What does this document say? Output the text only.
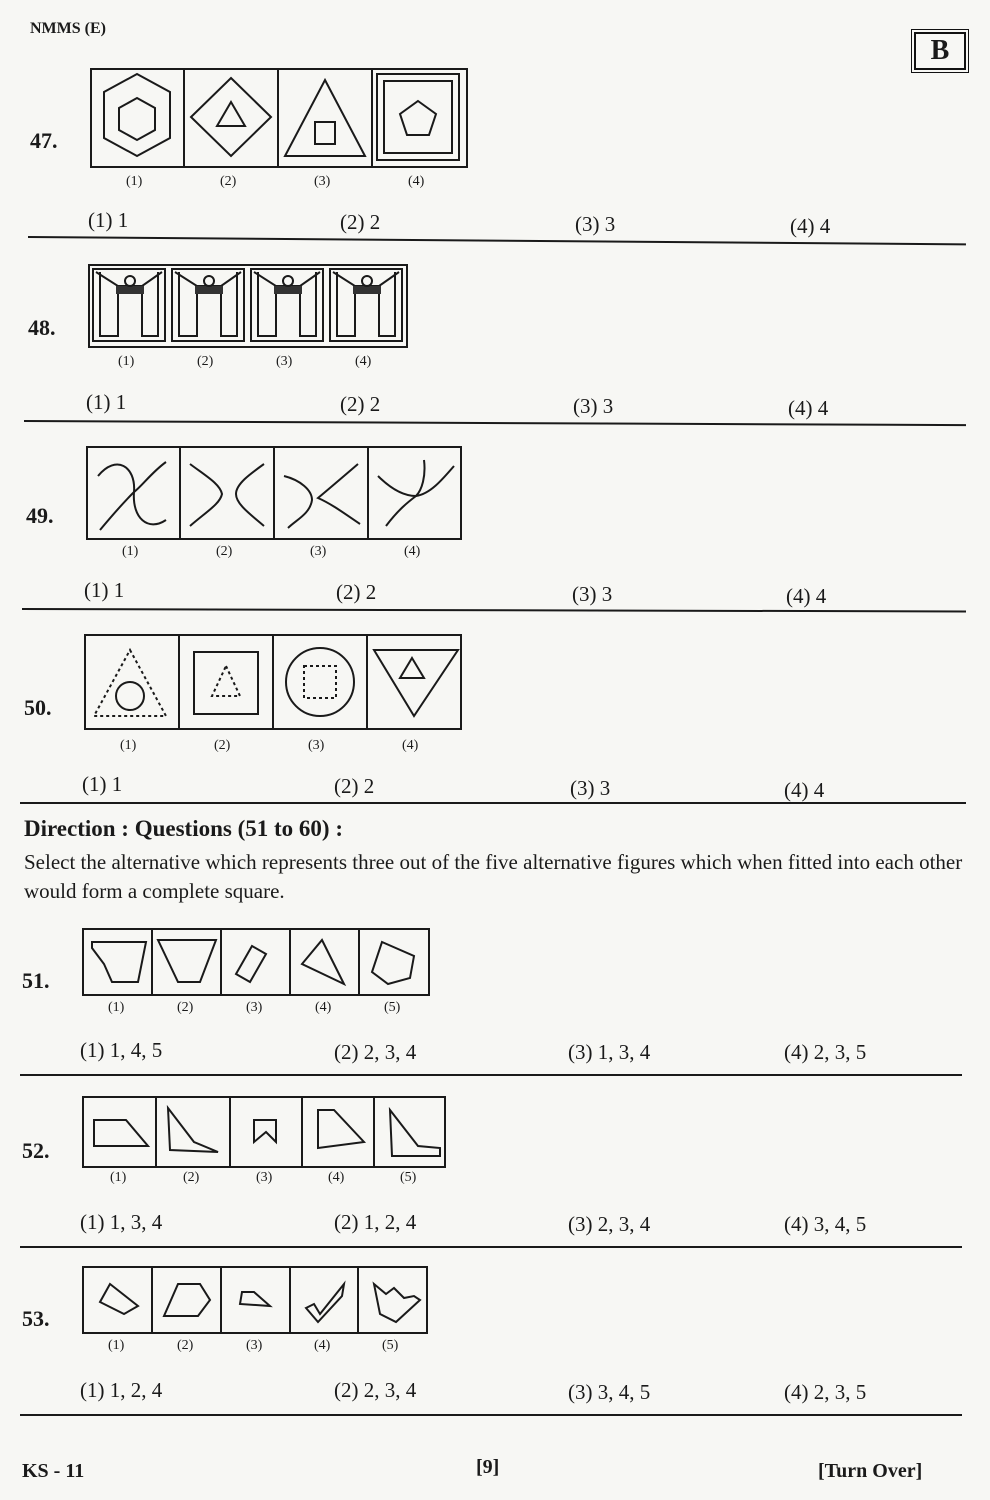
NMMS (E)
B
47.
(1)	(2)	(3)	(4)
(1) 1	(2) 2	(3) 3	(4) 4
48.
(1)	(2)	(3)	(4)
(1) 1	(2) 2	(3) 3	(4) 4
49.
(1)	(2)	(3)	(4)
(1) 1	(2) 2	(3) 3	(4) 4
50.
(1)	(2)	(3)	(4)
(1) 1	(2) 2	(3) 3	(4) 4
Direction : Questions (51 to 60) :
Select the alternative which represents three out of the five alternative figures which when fitted into each other would form a complete square.
51.
(1)	(2)	(3)	(4)	(5)
(1) 1, 4, 5	(2) 2, 3, 4	(3) 1, 3, 4	(4) 2, 3, 5
52.
(1)	(2)	(3)	(4)	(5)
(1) 1, 3, 4	(2) 1, 2, 4	(3) 2, 3, 4	(4) 3, 4, 5
53.
(1)	(2)	(3)	(4)	(5)
(1) 1, 2, 4	(2) 2, 3, 4	(3) 3, 4, 5	(4) 2, 3, 5
KS - 11	[9]	[Turn Over]
